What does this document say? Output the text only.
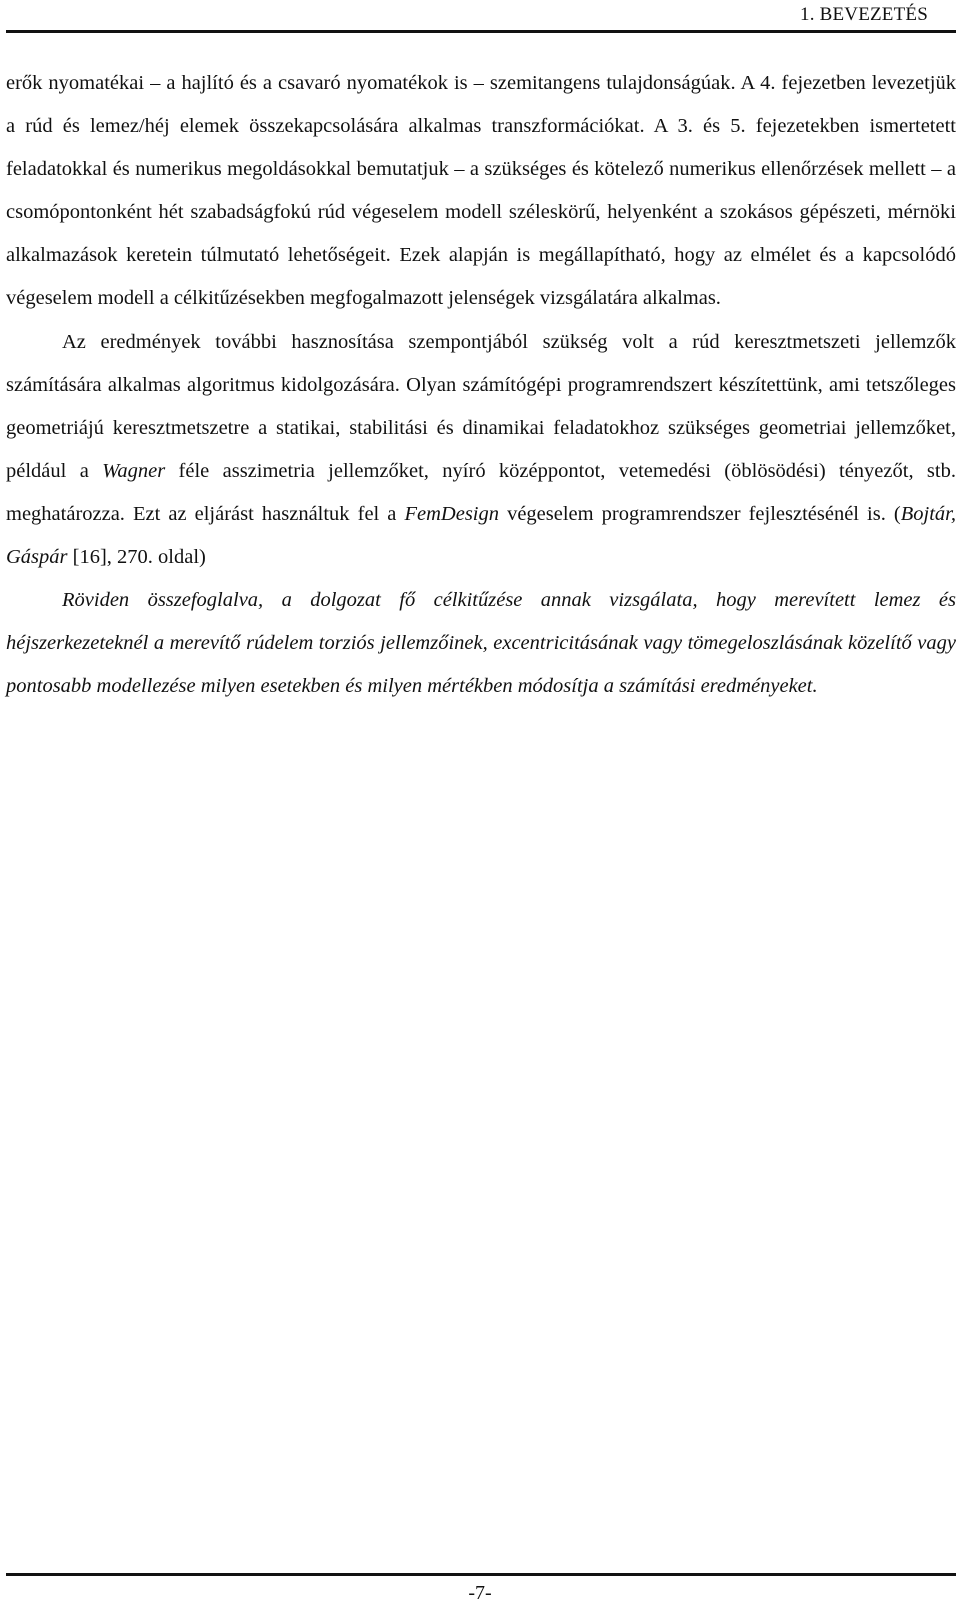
1. BEVEZETÉS

erők nyomatékai – a hajlító és a csavaró nyomatékok is – szemitangens tulajdonságúak. A 4. fejezetben levezetjük a rúd és lemez/héj elemek összekapcsolására alkalmas transzformációkat. A 3. és 5. fejezetekben ismertetett feladatokkal és numerikus megoldásokkal bemutatjuk – a szükséges és kötelező numerikus ellenőrzések mellett – a csomópontonként hét szabadságfokú rúd végeselem modell széleskörű, helyenként a szokásos gépészeti, mérnöki alkalmazások keretein túlmutató lehetőségeit. Ezek alapján is megállapítható, hogy az elmélet és a kapcsolódó végeselem modell a célkitűzésekben megfogalmazott jelenségek vizsgálatára alkalmas.

Az eredmények további hasznosítása szempontjából szükség volt a rúd keresztmetszeti jellemzők számítására alkalmas algoritmus kidolgozására. Olyan számítógépi programrendszert készítettünk, ami tetszőleges geometriájú keresztmetszetre a statikai, stabilitási és dinamikai feladatokhoz szükséges geometriai jellemzőket, például a Wagner féle asszimetria jellemzőket, nyíró középpontot, vetemedési (öblösödési) tényezőt, stb. meghatározza. Ezt az eljárást használtuk fel a FemDesign végeselem programrendszer fejlesztésénél is. (Bojtár, Gáspár [16], 270. oldal)

Röviden összefoglalva, a dolgozat fő célkitűzése annak vizsgálata, hogy merevített lemez és héjszerkezeteknél a merevítő rúdelem torziós jellemzőinek, excentricitásának vagy tömegeloszlásának közelítő vagy pontosabb modellezése milyen esetekben és milyen mértékben módosítja a számítási eredményeket.

-7-
